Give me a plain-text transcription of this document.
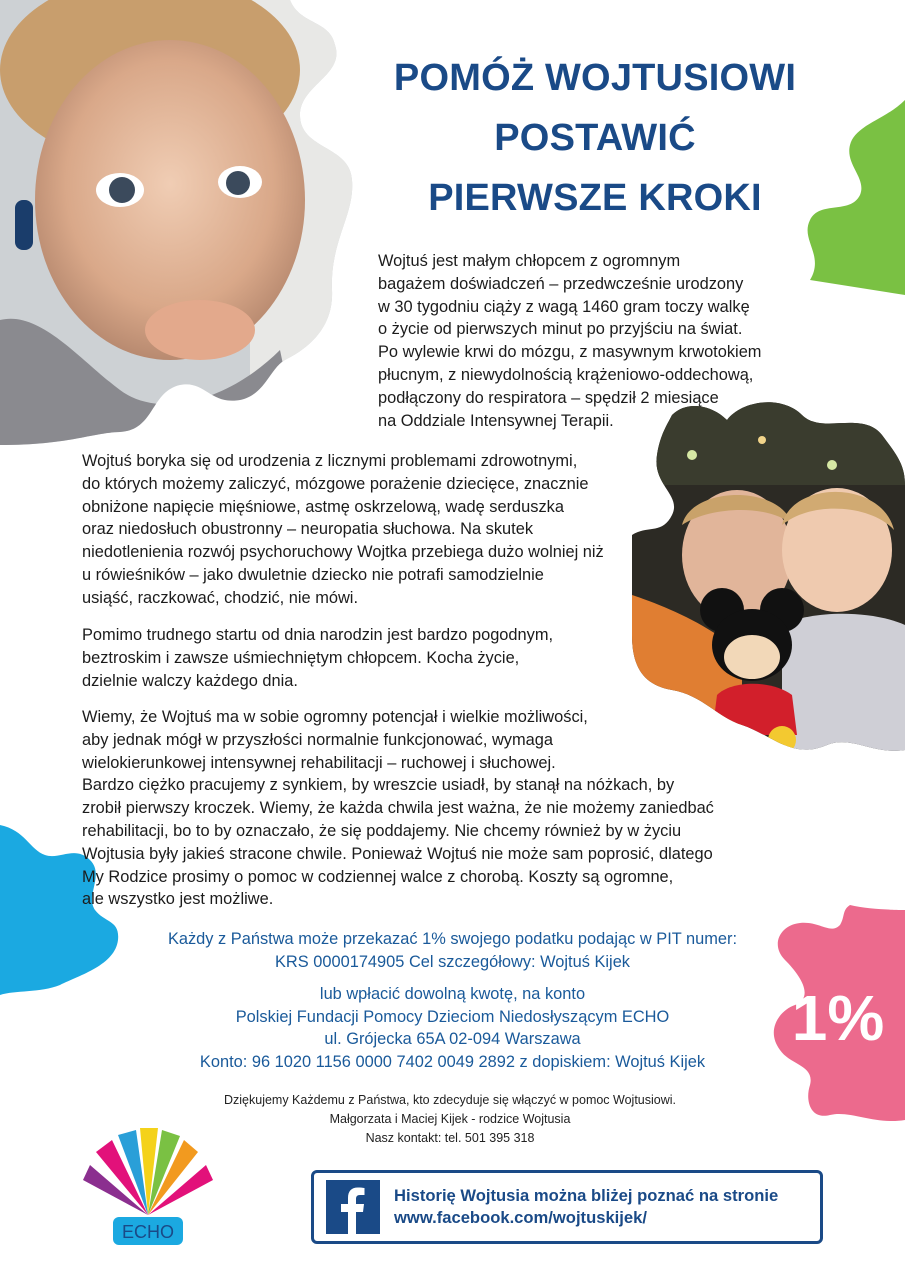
1%
POMÓŻ WOJTUSIOWI
POSTAWIĆ
PIERWSZE KROKI
Wojtuś jest małym chłopcem z ogromnym
bagażem doświadczeń – przedwcześnie urodzony
w 30 tygodniu ciąży z wagą 1460 gram toczy walkę
o życie od pierwszych minut po przyjściu na świat.
Po wylewie krwi do mózgu, z masywnym krwotokiem
płucnym, z niewydolnością krążeniowo-oddechową,
podłączony do respiratora – spędził 2 miesiące
na Oddziale Intensywnej Terapii.
Wojtuś boryka się od urodzenia z licznymi problemami zdrowotnymi,
do których możemy zaliczyć, mózgowe porażenie dziecięce, znacznie
obniżone napięcie mięśniowe, astmę oskrzelową, wadę serduszka
oraz niedosłuch obustronny – neuropatia słuchowa. Na skutek
niedotlenienia rozwój psychoruchowy Wojtka przebiega dużo wolniej niż
u rówieśników – jako dwuletnie dziecko nie potrafi samodzielnie
usiąść, raczkować, chodzić, nie mówi.
Pomimo trudnego startu od dnia narodzin jest bardzo pogodnym,
beztroskim i zawsze uśmiechniętym chłopcem. Kocha życie,
dzielnie walczy każdego dnia.
Wiemy, że Wojtuś ma w sobie ogromny potencjał i wielkie możliwości,
aby jednak mógł w przyszłości normalnie funkcjonować, wymaga
wielokierunkowej intensywnej rehabilitacji – ruchowej i słuchowej.
Bardzo ciężko pracujemy z synkiem, by wreszcie usiadł, by stanął na nóżkach, by
zrobił pierwszy kroczek. Wiemy, że każda chwila jest ważna, że nie możemy zaniedbać
rehabilitacji, bo to by oznaczało, że się poddajemy. Nie chcemy również by w życiu
Wojtusia były jakieś stracone chwile. Ponieważ Wojtuś nie może sam poprosić, dlatego
My Rodzice prosimy o pomoc w codziennej walce z chorobą. Koszty są ogromne,
ale wszystko jest możliwe.
Każdy z Państwa może przekazać 1% swojego podatku podając w PIT numer:
KRS 0000174905 Cel szczegółowy: Wojtuś Kijek
lub wpłacić dowolną kwotę, na konto
Polskiej Fundacji Pomocy Dzieciom Niedosłyszącym ECHO
ul. Grójecka 65A 02-094 Warszawa
Konto: 96 1020 1156 0000 7402 0049 2892 z dopiskiem: Wojtuś Kijek
Dziękujemy Każdemu z Państwa, kto zdecyduje się włączyć w pomoc Wojtusiowi.
Małgorzata i Maciej Kijek - rodzice Wojtusia
Nasz kontakt: tel. 501 395 318
ECHO
Historię Wojtusia można bliżej poznać na stronie
www.facebook.com/wojtuskijek/
